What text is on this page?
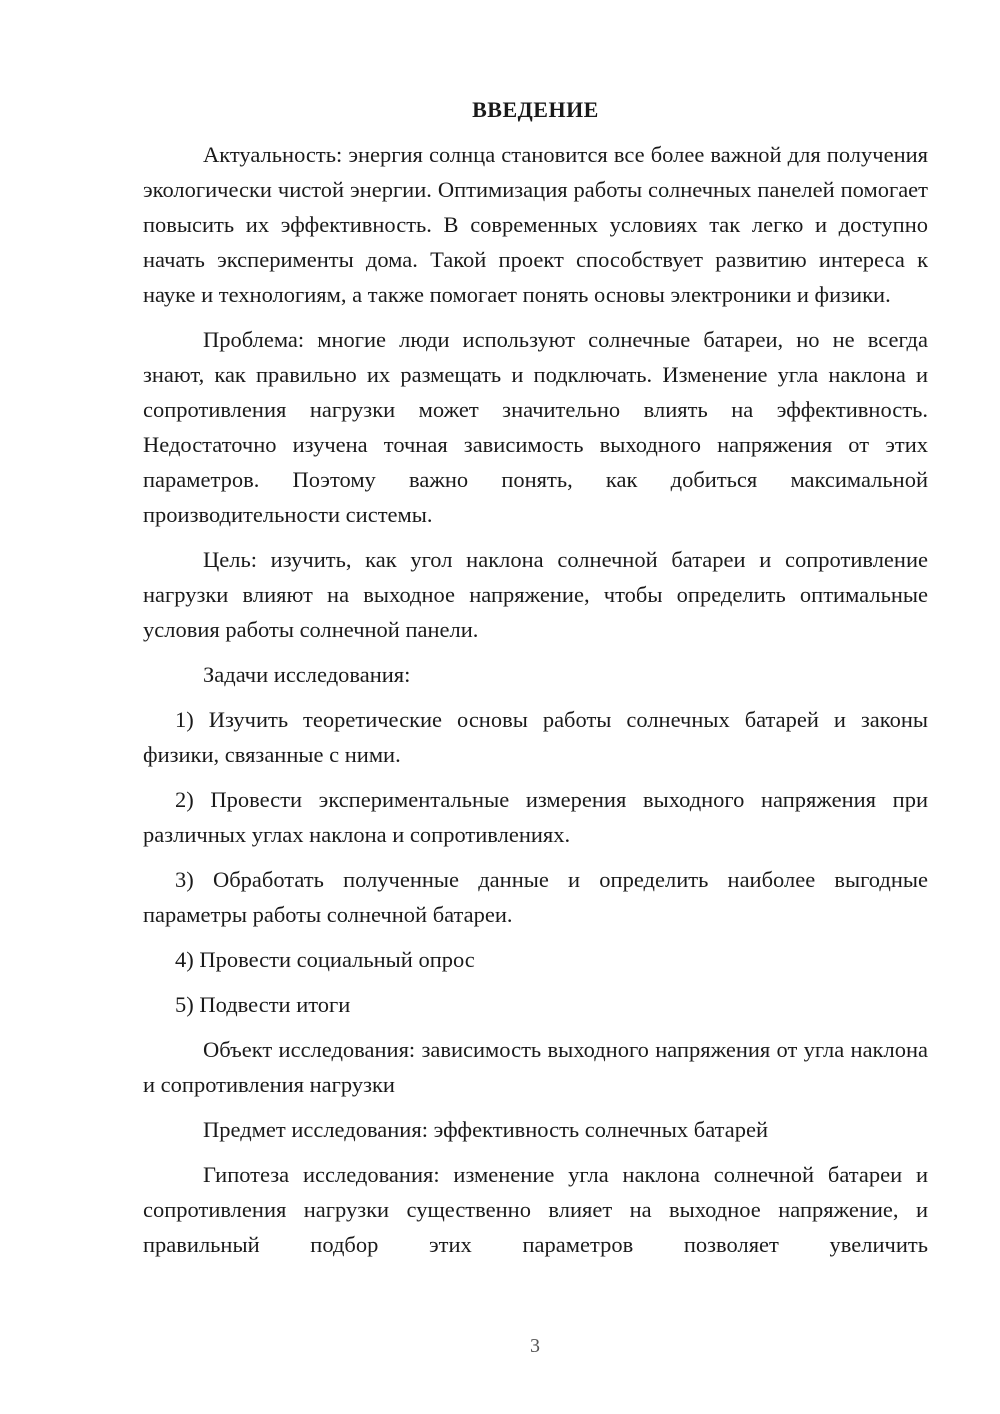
ВВЕДЕНИЕ

Актуальность: энергия солнца становится все более важной для получения экологически чистой энергии. Оптимизация работы солнечных панелей помогает повысить их эффективность. В современных условиях так легко и доступно начать эксперименты дома. Такой проект способствует развитию интереса к науке и технологиям, а также помогает понять основы электроники и физики.

Проблема: многие люди используют солнечные батареи, но не всегда знают, как правильно их размещать и подключать. Изменение угла наклона и сопротивления нагрузки может значительно влиять на эффективность. Недостаточно изучена точная зависимость выходного напряжения от этих параметров. Поэтому важно понять, как добиться максимальной производительности системы.

Цель: изучить, как угол наклона солнечной батареи и сопротивление нагрузки влияют на выходное напряжение, чтобы определить оптимальные условия работы солнечной панели.

Задачи исследования:

1) Изучить теоретические основы работы солнечных батарей и законы физики, связанные с ними.

2) Провести экспериментальные измерения выходного напряжения при различных углах наклона и сопротивлениях.

3) Обработать полученные данные и определить наиболее выгодные параметры работы солнечной батареи.

4) Провести социальный опрос

5) Подвести итоги

Объект исследования: зависимость выходного напряжения от угла наклона и сопротивления нагрузки

Предмет исследования: эффективность солнечных батарей

Гипотеза исследования: изменение угла наклона солнечной батареи и сопротивления нагрузки существенно влияет на выходное напряжение, и правильный подбор этих параметров позволяет увеличить

3
